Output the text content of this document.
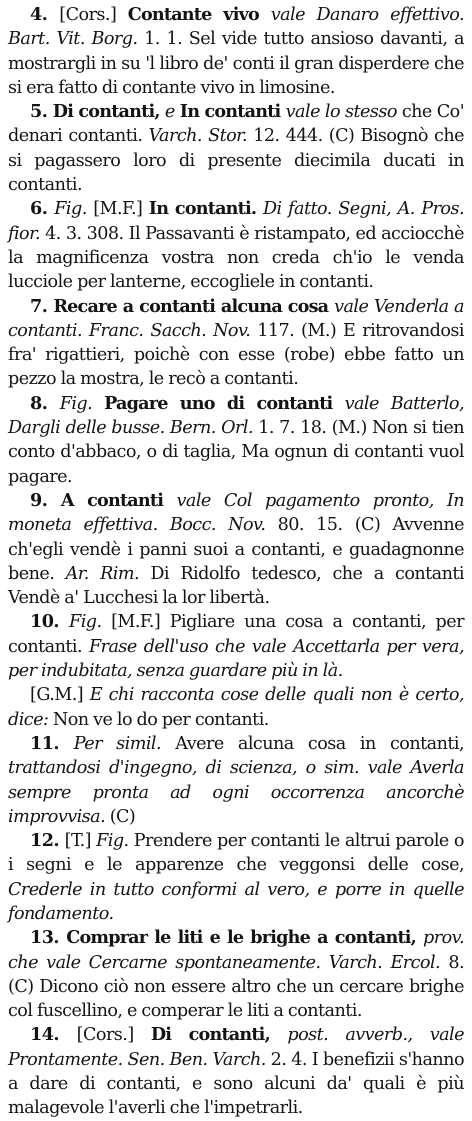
4. [Cors.] Contante vivo vale Danaro effettivo. Bart. Vit. Borg. 1. 1. Sel vide tutto ansioso davanti, a mostrargli in su 'l libro de' conti il gran disperdere che si era fatto di contante vivo in limosine.

5. Di contanti, e In contanti vale lo stesso che Co' denari contanti. Varch. Stor. 12. 444. (C) Bisognò che si pagassero loro di presente diecimila ducati in contanti.

6. Fig. [M.F.] In contanti. Di fatto. Segni, A. Pros. fior. 4. 3. 308. Il Passavanti è ristampato, ed acciocchè la magnificenza vostra non creda ch'io le venda lucciole per lanterne, eccogliele in contanti.

7. Recare a contanti alcuna cosa vale Venderla a contanti. Franc. Sacch. Nov. 117. (M.) E ritrovandosi fra' rigattieri, poichè con esse (robe) ebbe fatto un pezzo la mostra, le recò a contanti.

8. Fig. Pagare uno di contanti vale Batterlo, Dargli delle busse. Bern. Orl. 1. 7. 18. (M.) Non si tien conto d'abbaco, o di taglia, Ma ognun di contanti vuol pagare.

9. A contanti vale Col pagamento pronto, In moneta effettiva. Bocc. Nov. 80. 15. (C) Avvenne ch'egli vendè i panni suoi a contanti, e guadagnonne bene. Ar. Rim. Di Ridolfo tedesco, che a contanti Vendè a' Lucchesi la lor libertà.

10. Fig. [M.F.] Pigliare una cosa a contanti, per contanti. Frase dell'uso che vale Accettarla per vera, per indubitata, senza guardare più in là.

[G.M.] E chi racconta cose delle quali non è certo, dice: Non ve lo do per contanti.

11. Per simil. Avere alcuna cosa in contanti, trattandosi d'ingegno, di scienza, o sim. vale Averla sempre pronta ad ogni occorrenza ancorchè improvvisa. (C)

12. [T.] Fig. Prendere per contanti le altrui parole o i segni e le apparenze che veggonsi delle cose, Crederle in tutto conformi al vero, e porre in quelle fondamento.

13. Comprar le liti e le brighe a contanti, prov. che vale Cercarne spontaneamente. Varch. Ercol. 8. (C) Dicono ciò non essere altro che un cercare brighe col fuscellino, e comperar le liti a contanti.

14. [Cors.] Di contanti, post. avverb., vale Prontamente. Sen. Ben. Varch. 2. 4. I benefizii s'hanno a dare di contanti, e sono alcuni da' quali è più malagevole l'averli che l'impetrarli.
